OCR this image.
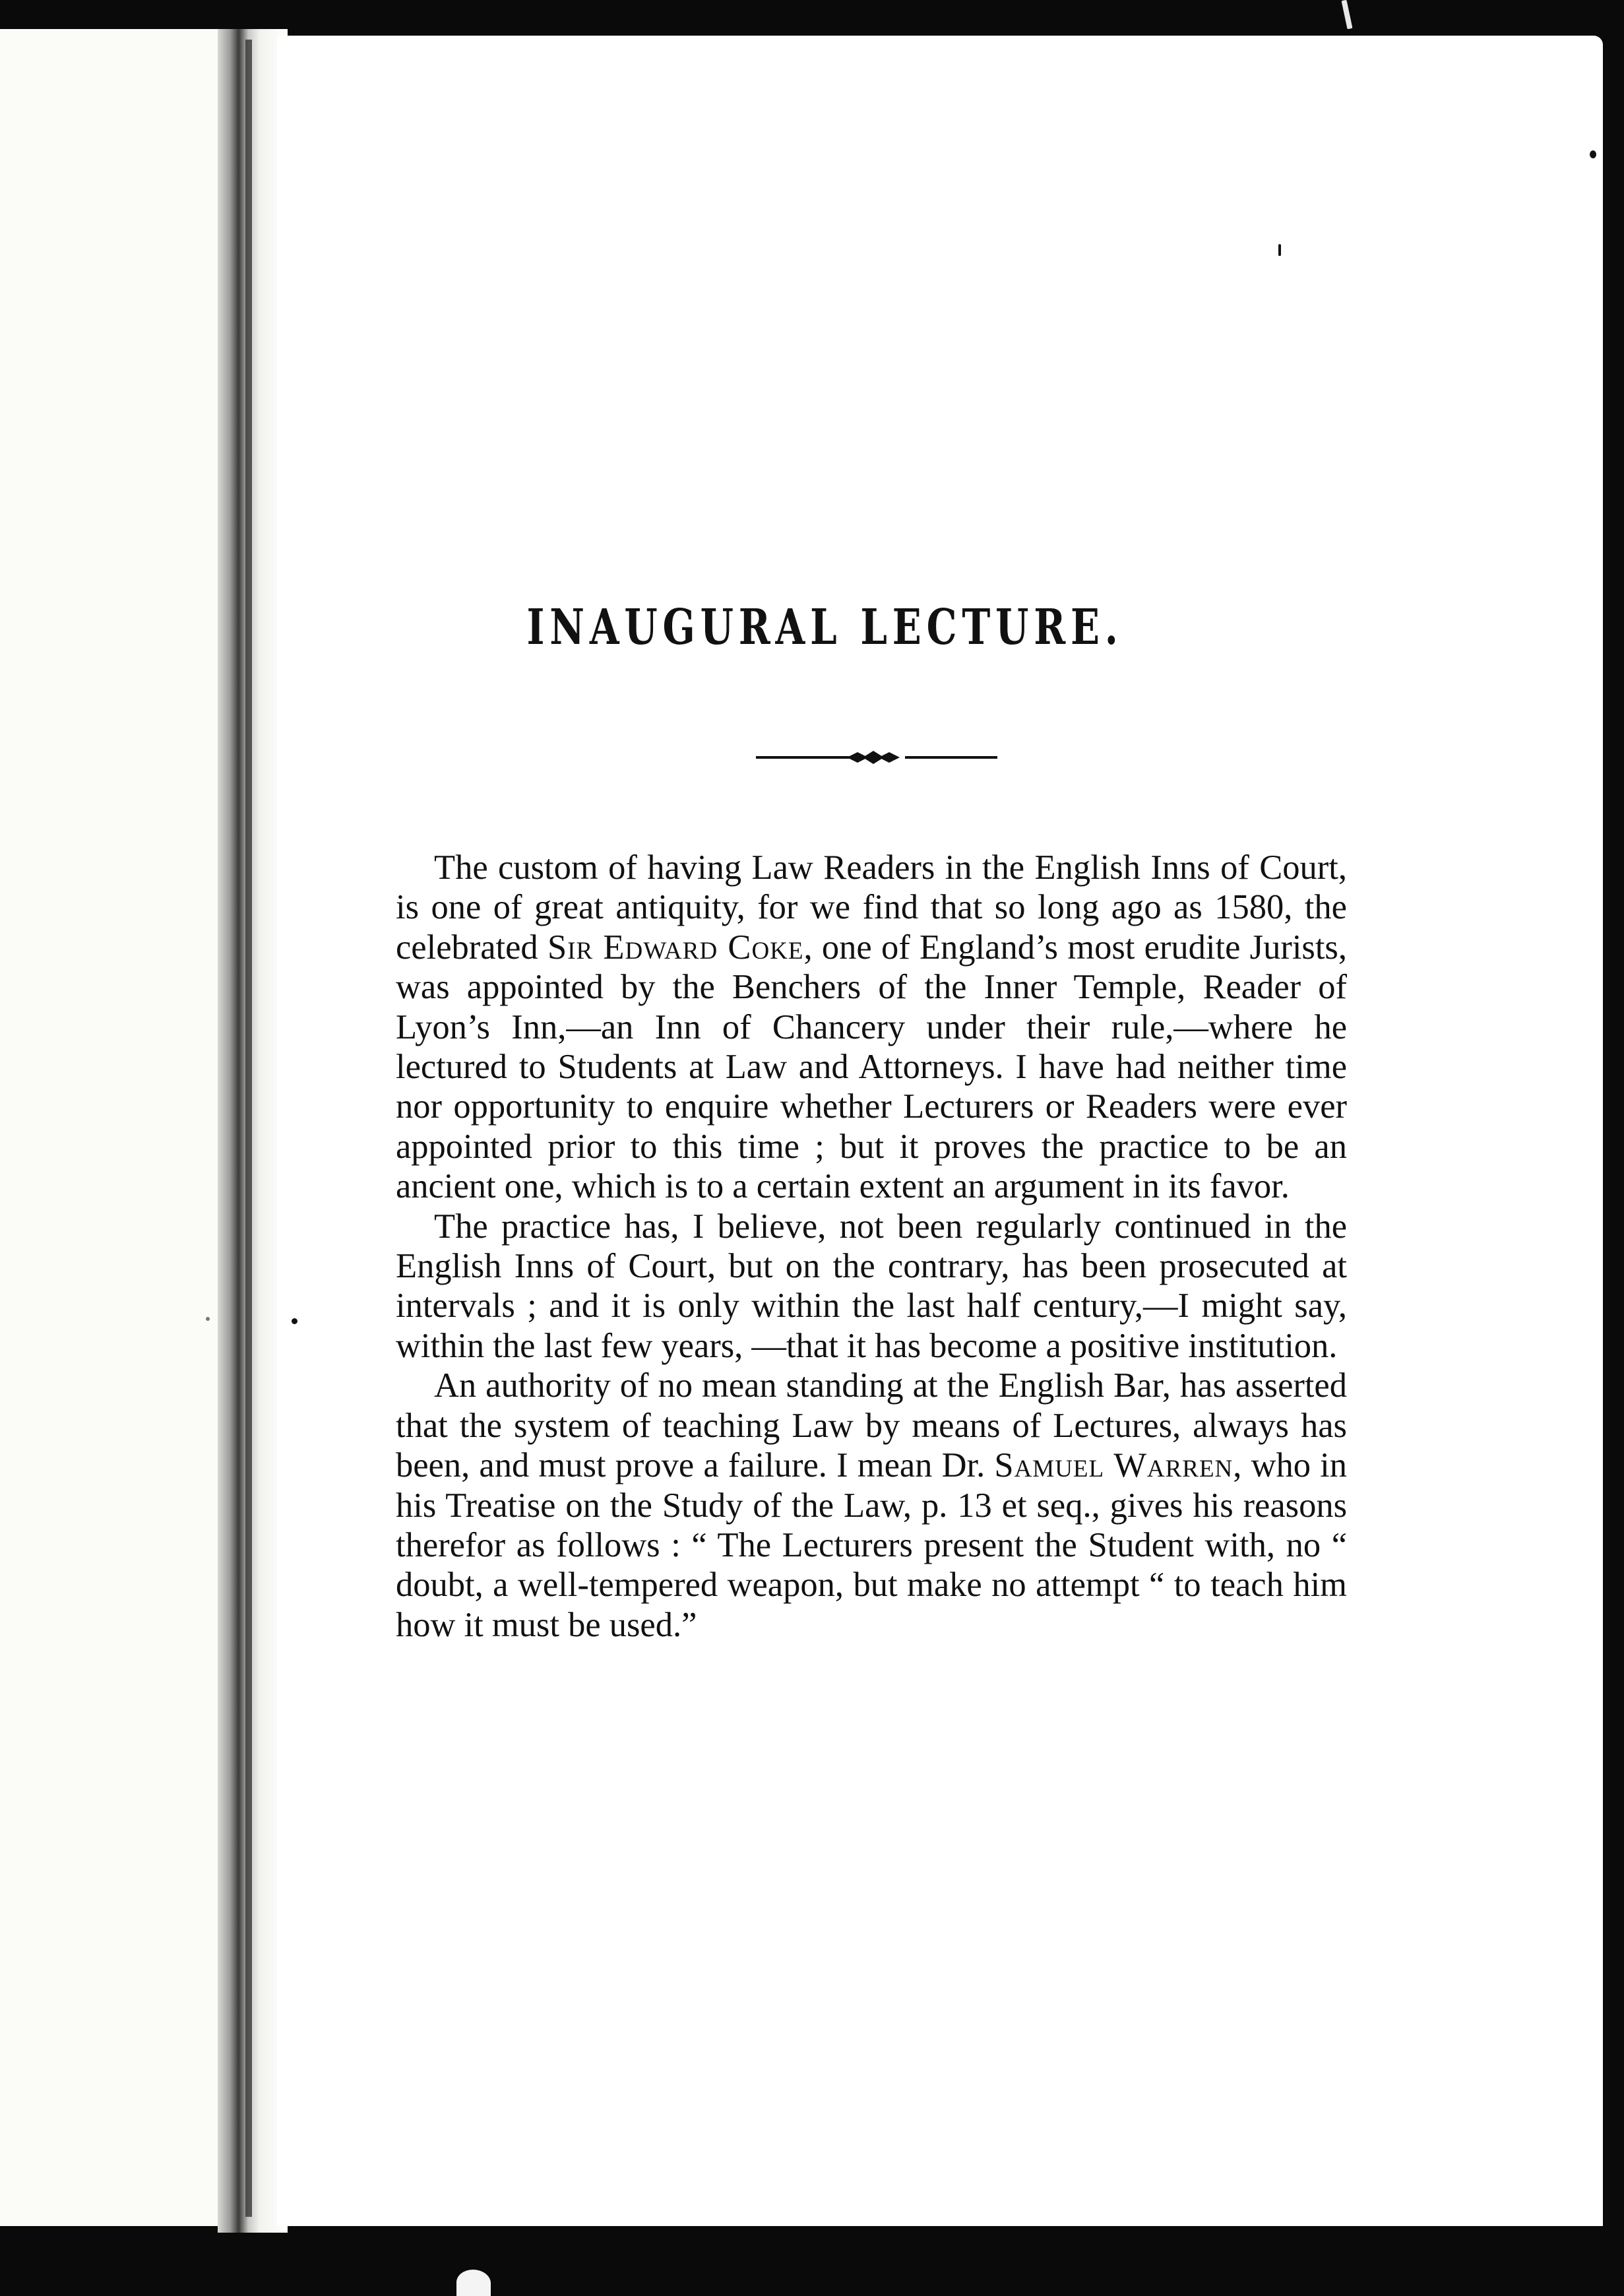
INAUGURAL LECTURE.

The custom of having Law Readers in the English Inns of Court, is one of great antiquity, for we find that so long ago as 1580, the celebrated Sir Edward Coke, one of England’s most erudite Jurists, was appointed by the Benchers of the Inner Temple, Reader of Lyon’s Inn,—an Inn of Chancery under their rule,—where he lectured to Students at Law and Attorneys. I have had neither time nor opportunity to enquire whether Lecturers or Readers were ever appointed prior to this time ; but it proves the practice to be an ancient one, which is to a certain extent an argument in its favor.

The practice has, I believe, not been regularly continued in the English Inns of Court, but on the contrary, has been prosecuted at intervals ; and it is only within the last half century,—I might say, within the last few years, —that it has become a positive institution.

An authority of no mean standing at the English Bar, has asserted that the system of teaching Law by means of Lectures, always has been, and must prove a failure. I mean Dr. Samuel Warren, who in his Treatise on the Study of the Law, p. 13 et seq., gives his reasons therefor as follows : “ The Lecturers present the Student with, no “ doubt, a well-tempered weapon, but make no attempt “ to teach him how it must be used.”
